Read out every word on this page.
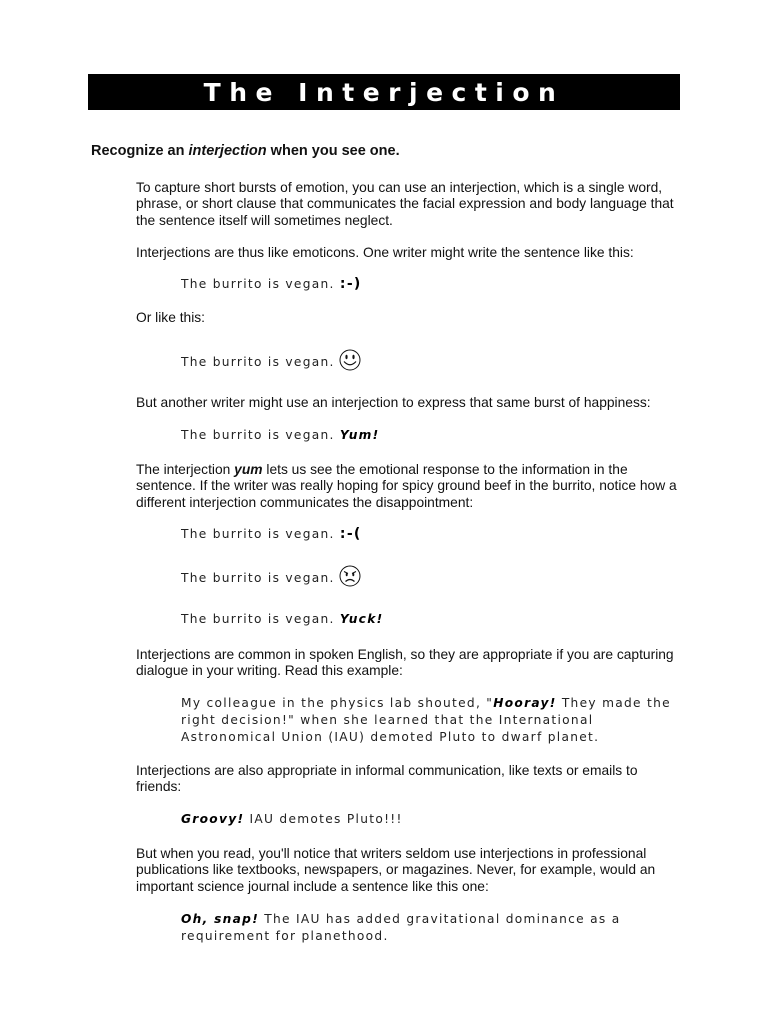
The Interjection
Recognize an interjection when you see one.
To capture short bursts of emotion, you can use an interjection, which is a single word, phrase, or short clause that communicates the facial expression and body language that the sentence itself will sometimes neglect.
Interjections are thus like emoticons. One writer might write the sentence like this:
The burrito is vegan. :-)
Or like this:
The burrito is vegan.
But another writer might use an interjection to express that same burst of happiness:
The burrito is vegan. Yum!
The interjection yum lets us see the emotional response to the information in the sentence. If the writer was really hoping for spicy ground beef in the burrito, notice how a different interjection communicates the disappointment:
The burrito is vegan. :-(
The burrito is vegan.
The burrito is vegan. Yuck!
Interjections are common in spoken English, so they are appropriate if you are capturing dialogue in your writing. Read this example:
My colleague in the physics lab shouted, "Hooray! They made the right decision!" when she learned that the International Astronomical Union (IAU) demoted Pluto to dwarf planet.
Interjections are also appropriate in informal communication, like texts or emails to friends:
Groovy! IAU demotes Pluto!!!
But when you read, you'll notice that writers seldom use interjections in professional publications like textbooks, newspapers, or magazines. Never, for example, would an important science journal include a sentence like this one:
Oh, snap! The IAU has added gravitational dominance as a requirement for planethood.
